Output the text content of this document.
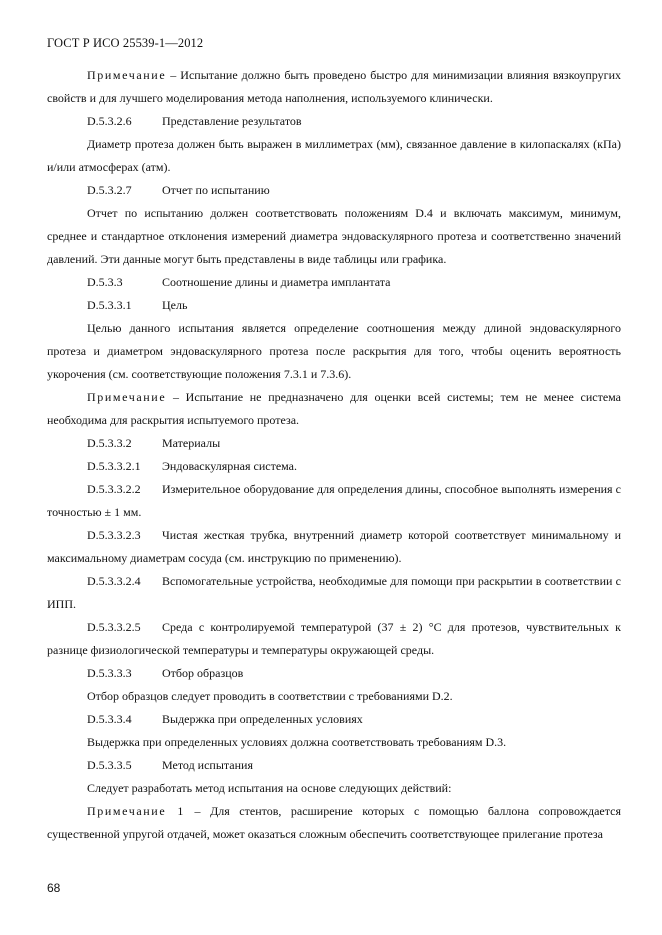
ГОСТ Р ИСО 25539-1—2012

Примечание – Испытание должно быть проведено быстро для минимизации влияния вязкоупругих свойств и для лучшего моделирования метода наполнения, используемого клинически.

D.5.3.2.6	Представление результатов

Диаметр протеза должен быть выражен в миллиметрах (мм), связанное давление в килопаскалях (кПа) и/или атмосферах (атм).

D.5.3.2.7	Отчет по испытанию

Отчет по испытанию должен соответствовать положениям D.4 и включать максимум, минимум, среднее и стандартное отклонения измерений диаметра эндоваскулярного протеза и соответственно значений давлений. Эти данные могут быть представлены в виде таблицы или графика.

D.5.3.3	Соотношение длины и диаметра имплантата

D.5.3.3.1	Цель

Целью данного испытания является определение соотношения между длиной эндоваскулярного протеза и диаметром эндоваскулярного протеза после раскрытия для того, чтобы оценить вероятность укорочения (см. соответствующие положения 7.3.1 и 7.3.6).

Примечание – Испытание не предназначено для оценки всей системы; тем не менее система необходима для раскрытия испытуемого протеза.

D.5.3.3.2	Материалы

D.5.3.3.2.1 Эндоваскулярная система.

D.5.3.3.2.2 Измерительное оборудование для определения длины, способное выполнять измерения с точностью ± 1 мм.

D.5.3.3.2.3 Чистая жесткая трубка, внутренний диаметр которой соответствует минимальному и максимальному диаметрам сосуда (см. инструкцию по применению).

D.5.3.3.2.4 Вспомогательные устройства, необходимые для помощи при раскрытии в соответствии с ИПП.

D.5.3.3.2.5 Среда с контролируемой температурой (37 ± 2) °С для протезов, чувствительных к разнице физиологической температуры и температуры окружающей среды.

D.5.3.3.3	Отбор образцов

Отбор образцов следует проводить в соответствии с требованиями D.2.

D.5.3.3.4	Выдержка при определенных условиях

Выдержка при определенных условиях должна соответствовать требованиям D.3.

D.5.3.3.5	Метод испытания

Следует разработать метод испытания на основе следующих действий:

Примечание 1 – Для стентов, расширение которых с помощью баллона сопровождается существенной упругой отдачей, может оказаться сложным обеспечить соответствующее прилегание протеза

68
